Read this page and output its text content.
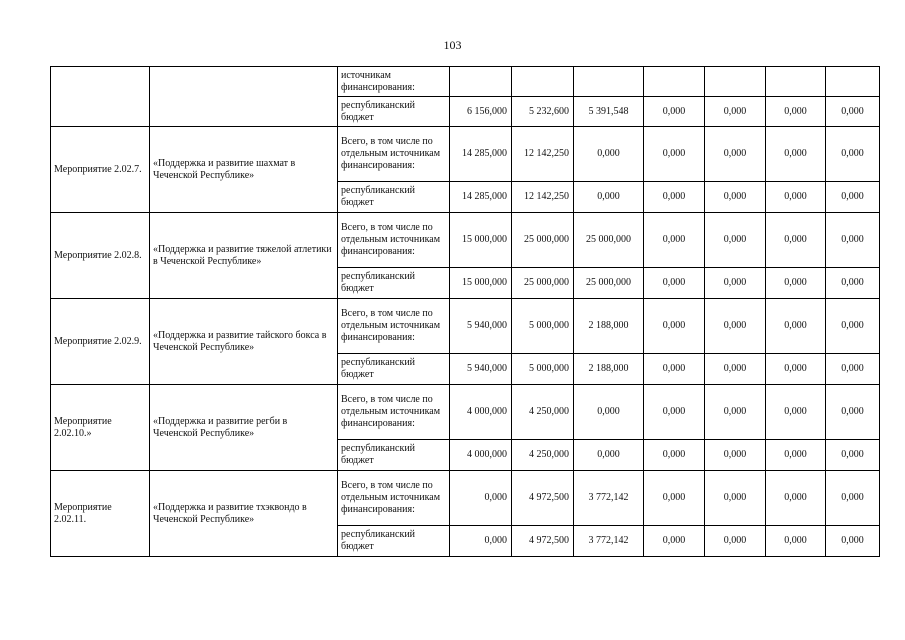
103
		источникам финансирования:							
		республиканский бюджет	6 156,000	5 232,600	5 391,548	0,000	0,000	0,000	0,000
Мероприятие 2.02.7.	«Поддержка и развитие шахмат в Чеченской Республике»	Всего, в том числе по отдельным источникам финансирования:	14 285,000	12 142,250	0,000	0,000	0,000	0,000	0,000
		республиканский бюджет	14 285,000	12 142,250	0,000	0,000	0,000	0,000	0,000
Мероприятие 2.02.8.	«Поддержка и развитие тяжелой атлетики в Чеченской Республике»	Всего, в том числе по отдельным источникам финансирования:	15 000,000	25 000,000	25 000,000	0,000	0,000	0,000	0,000
		республиканский бюджет	15 000,000	25 000,000	25 000,000	0,000	0,000	0,000	0,000
Мероприятие 2.02.9.	«Поддержка и развитие тайского бокса в Чеченской Республике»	Всего, в том числе по отдельным источникам финансирования:	5 940,000	5 000,000	2 188,000	0,000	0,000	0,000	0,000
		республиканский бюджет	5 940,000	5 000,000	2 188,000	0,000	0,000	0,000	0,000
Мероприятие 2.02.10.»	«Поддержка и развитие регби в Чеченской Республике»	Всего, в том числе по отдельным источникам финансирования:	4 000,000	4 250,000	0,000	0,000	0,000	0,000	0,000
		республиканский бюджет	4 000,000	4 250,000	0,000	0,000	0,000	0,000	0,000
Мероприятие 2.02.11.	«Поддержка и развитие тхэквондо в Чеченской Республике»	Всего, в том числе по отдельным источникам финансирования:	0,000	4 972,500	3 772,142	0,000	0,000	0,000	0,000
		республиканский бюджет	0,000	4 972,500	3 772,142	0,000	0,000	0,000	0,000
